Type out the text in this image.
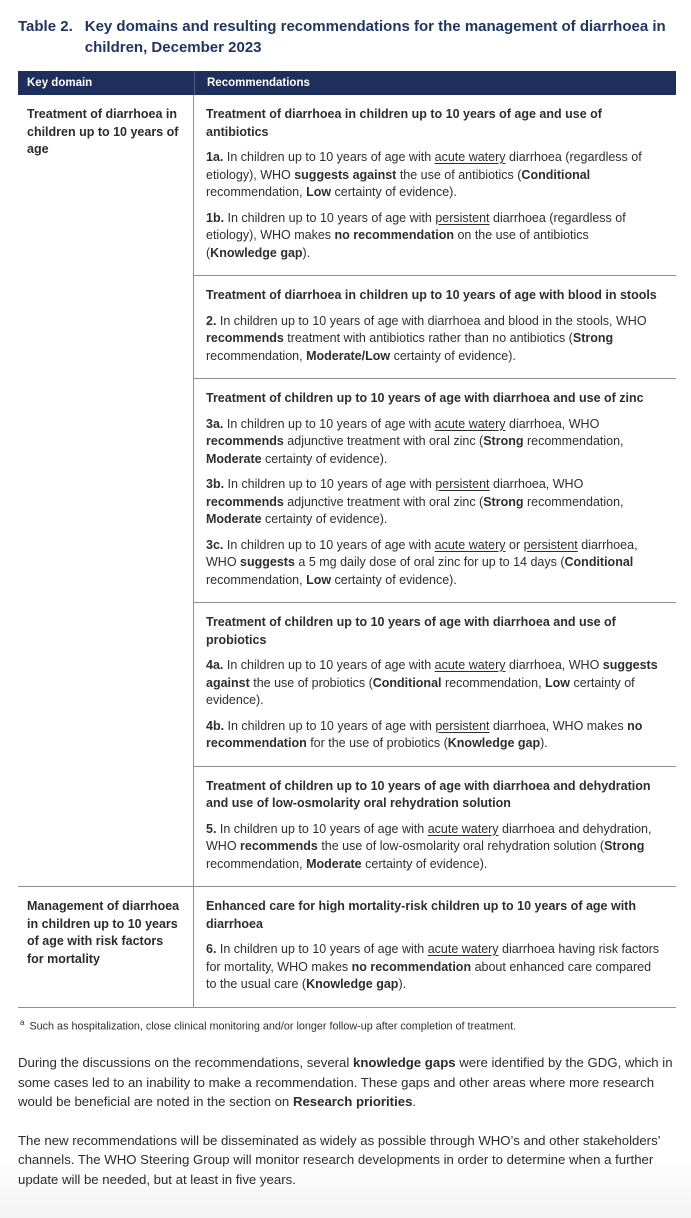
Table 2. Key domains and resulting recommendations for the management of diarrhoea in children, December 2023
Key domain	Recommendations
Treatment of diarrhoea in children up to 10 years of age

Treatment of diarrhoea in children up to 10 years of age and use of antibiotics

1a. In children up to 10 years of age with acute watery diarrhoea (regardless of etiology), WHO suggests against the use of antibiotics (Conditional recommendation, Low certainty of evidence).

1b. In children up to 10 years of age with persistent diarrhoea (regardless of etiology), WHO makes no recommendation on the use of antibiotics (Knowledge gap).

Treatment of diarrhoea in children up to 10 years of age with blood in stools

2. In children up to 10 years of age with diarrhoea and blood in the stools, WHO recommends treatment with antibiotics rather than no antibiotics (Strong recommendation, Moderate/Low certainty of evidence).

Treatment of children up to 10 years of age with diarrhoea and use of zinc

3a. In children up to 10 years of age with acute watery diarrhoea, WHO recommends adjunctive treatment with oral zinc (Strong recommendation, Moderate certainty of evidence).

3b. In children up to 10 years of age with persistent diarrhoea, WHO recommends adjunctive treatment with oral zinc (Strong recommendation, Moderate certainty of evidence).

3c. In children up to 10 years of age with acute watery or persistent diarrhoea, WHO suggests a 5 mg daily dose of oral zinc for up to 14 days (Conditional recommendation, Low certainty of evidence).

Treatment of children up to 10 years of age with diarrhoea and use of probiotics

4a. In children up to 10 years of age with acute watery diarrhoea, WHO suggests against the use of probiotics (Conditional recommendation, Low certainty of evidence).

4b. In children up to 10 years of age with persistent diarrhoea, WHO makes no recommendation for the use of probiotics (Knowledge gap).

Treatment of children up to 10 years of age with diarrhoea and dehydration and use of low-osmolarity oral rehydration solution

5. In children up to 10 years of age with acute watery diarrhoea and dehydration, WHO recommends the use of low-osmolarity oral rehydration solution (Strong recommendation, Moderate certainty of evidence).

Management of diarrhoea in children up to 10 years of age with risk factors for mortality

Enhanced care for high mortality-risk children up to 10 years of age with diarrhoea

6. In children up to 10 years of age with acute watery diarrhoea having risk factors for mortality, WHO makes no recommendation about enhanced care compared to the usual care (Knowledge gap).

$^a$ Such as hospitalization, close clinical monitoring and/or longer follow-up after completion of treatment.

During the discussions on the recommendations, several knowledge gaps were identified by the GDG, which in some cases led to an inability to make a recommendation. These gaps and other areas where more research would be beneficial are noted in the section on Research priorities.

The new recommendations will be disseminated as widely as possible through WHO’s and other stakeholders’ channels. The WHO Steering Group will monitor research developments in order to determine when a further update will be needed, but at least in five years.
